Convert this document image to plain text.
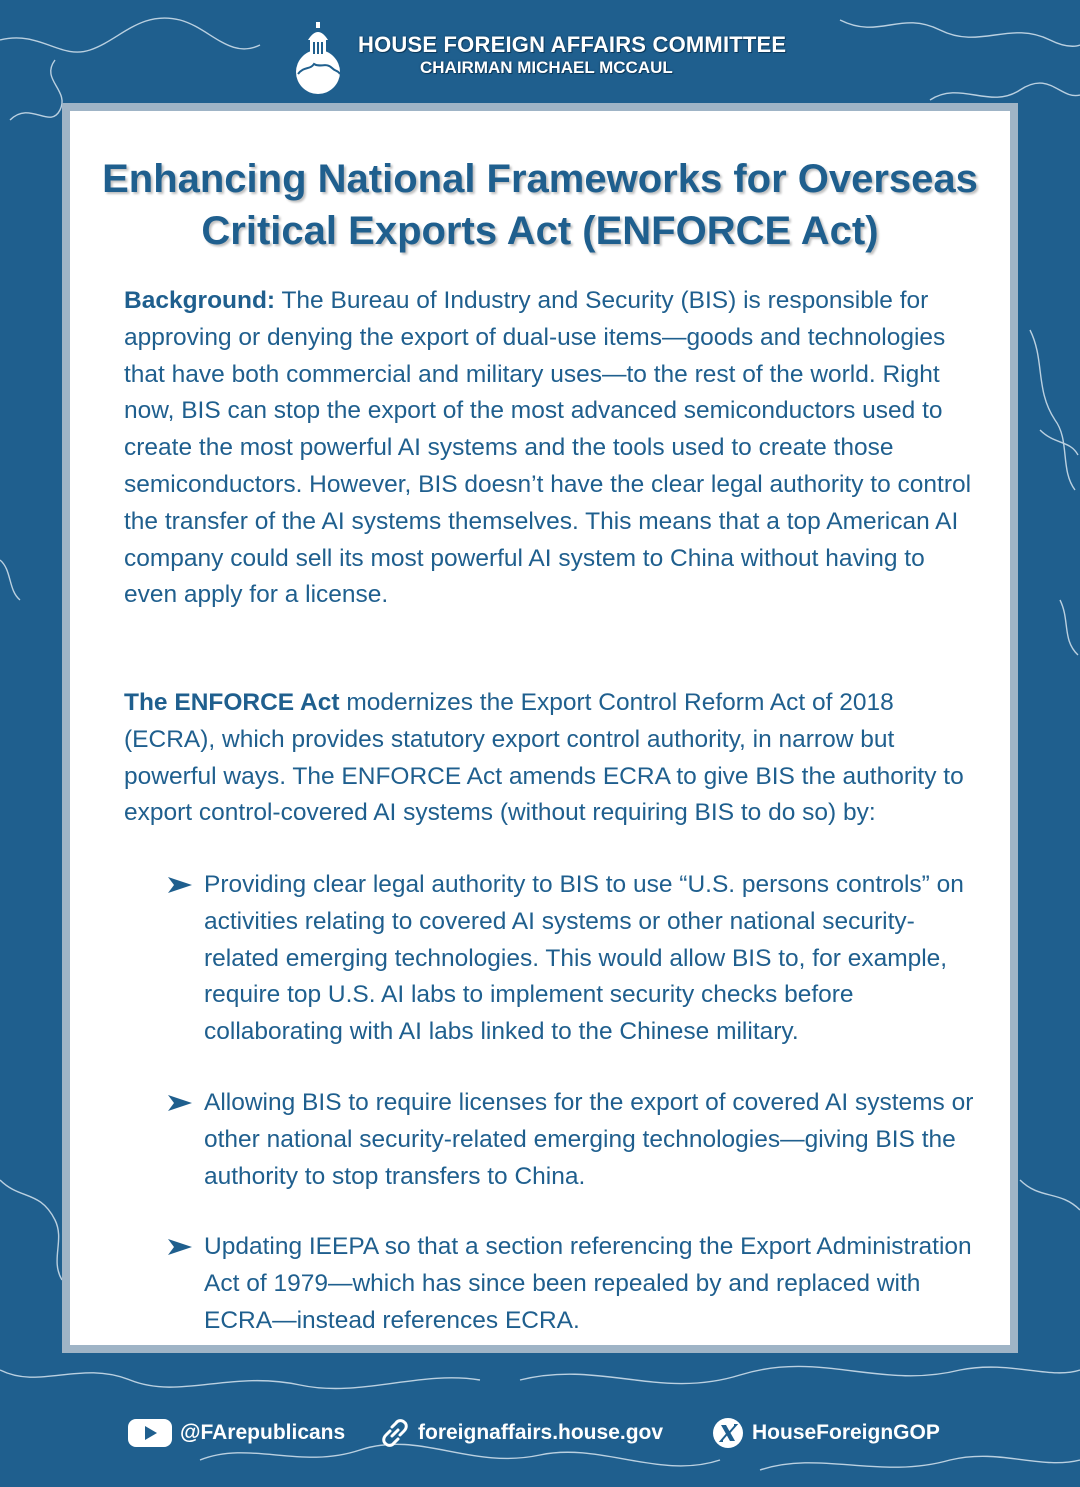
HOUSE FOREIGN AFFAIRS COMMITTEE
CHAIRMAN MICHAEL MCCAUL
Enhancing National Frameworks for Overseas
Critical Exports Act (ENFORCE Act)
Background: The Bureau of Industry and Security (BIS) is responsible for approving or denying the export of dual-use items—goods and technologies that have both commercial and military uses—to the rest of the world. Right now, BIS can stop the export of the most advanced semiconductors used to create the most powerful AI systems and the tools used to create those semiconductors. However, BIS doesn’t have the clear legal authority to control the transfer of the AI systems themselves. This means that a top American AI company could sell its most powerful AI system to China without having to even apply for a license.
The ENFORCE Act modernizes the Export Control Reform Act of 2018 (ECRA), which provides statutory export control authority, in narrow but powerful ways. The ENFORCE Act amends ECRA to give BIS the authority to export control-covered AI systems (without requiring BIS to do so) by:
Providing clear legal authority to BIS to use “U.S. persons controls” on activities relating to covered AI systems or other national security-related emerging technologies. This would allow BIS to, for example, require top U.S. AI labs to implement security checks before collaborating with AI labs linked to the Chinese military.
Allowing BIS to require licenses for the export of covered AI systems or other national security-related emerging technologies—giving BIS the authority to stop transfers to China.
Updating IEEPA so that a section referencing the Export Administration Act of 1979—which has since been repealed by and replaced with ECRA—instead references ECRA.
@FArepublicans	foreignaffairs.house.gov	HouseForeignGOP
